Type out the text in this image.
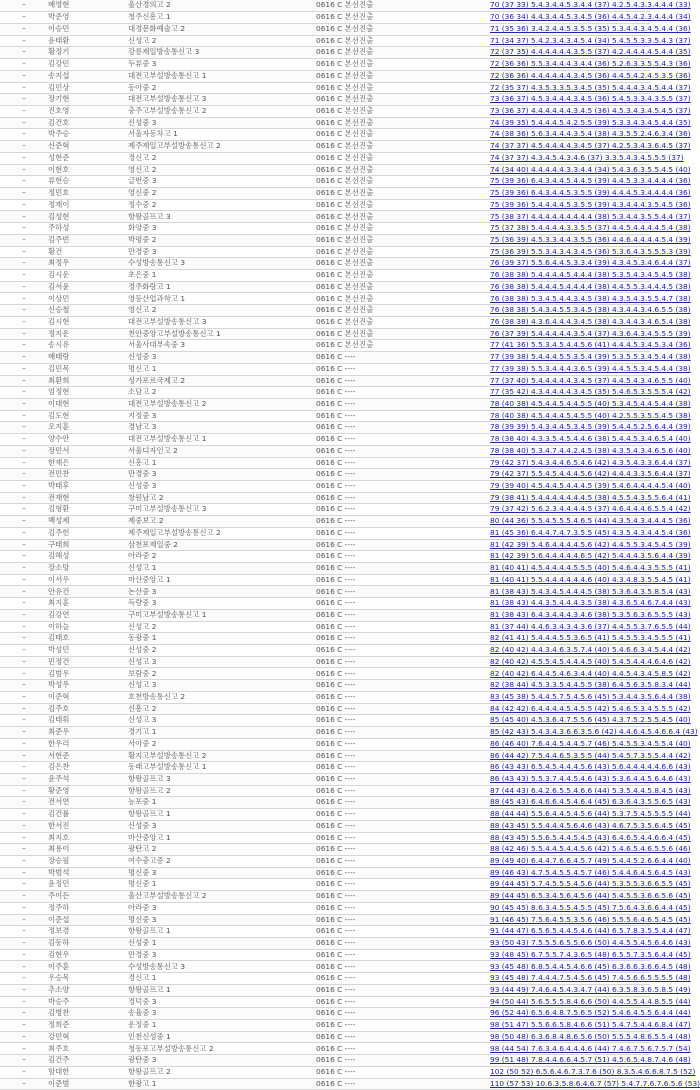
–	배영현	울산경의고 2	0616 C 본선진출		70 (37 33) 5.4.3.4.4.5.3.4.4 (37) 4.2.5.4.3.3.4.4.4 (33)
–	박준영	청주신흥고 1	0616 C 본선진출		70 (36 34) 4.4.3.4.4.5.3.4.5 (36) 4.4.5.4.2.3.4.4.4 (34)
–	이승민	대경문화예술고 2	0616 C 본선진출		71 (35 36) 3.4.2.4.4.5.3.5.5 (35) 5.3.4.4.3.4.5.4.4 (36)
–	윤태환	신성고 2	0616 C 본선진출		71 (34 37) 5.4.2.3.4.3.4.5.4 (34) 5.4.5.5.3.3.5.4.3 (37)
–	황정기	강릉제일방송통신고 3	0616 C 본선진출		72 (37 35) 4.4.4.4.4.4.3.5.5 (37) 4.2.4.4.4.4.5.4.4 (35)
–	김강민	두류중 3	0616 C 본선진출		72 (36 36) 5.5.3.4.4.4.3.4.4 (36) 5.2.6.3.3.5.5.4.3 (36)
–	송지섭	대전고부설방송통신고 1	0616 C 본선진출		72 (36 36) 4.4.4.4.4.4.3.4.5 (36) 4.4.5.4.2.4.5.3.5 (36)
–	김민상	동아중 2	0616 C 본선진출		72 (35 37) 4.3.5.3.3.5.3.4.5 (35) 5.4.4.4.3.4.5.4.4 (37)
–	장기현	대전고부설방송통신고 3	0616 C 본선진출		73 (36 37) 4.5.3.4.4.4.3.4.5 (36) 5.4.5.3.3.4.3.5.5 (37)
–	진호영	충주고부설방송통신고 2	0616 C 본선진출		73 (36 37) 4.4.4.4.4.4.3.4.5 (36) 4.5.3.4.3.4.5.4.5 (37)
–	김건호	신성중 3	0616 C 본선진출		74 (39 35) 5.4.4.4.5.4.2.5.5 (39) 5.3.3.4.3.4.5.4.4 (35)
–	박주승	서울자동차고 1	0616 C 본선진출		74 (38 36) 5.6.3.4.4.4.3.5.4 (38) 4.3.5.5.2.4.6.3.4 (36)
–	신준혁	제주제일고부설방송통신고 2	0616 C 본선진출		74 (37 37) 4.5.4.4.4.4.3.4.5 (37) 4.2.5.3.4.3.6.4.5 (37)
–	성현준	경신고 2	0616 C 본선진출		74 (37 37) 4.3.4.5.4.3.4.6 (37) 3.3.5.4.3.4.5.5.5 (37)
–	이현호	영신고 2	0616 C 본선진출		74 (34 40) 4.4.4.4.4.3.3.4.4 (34) 5.4.3.6.3.5.5.4.5 (40)
–	류현승	글번중 3	0616 C 본선진출		75 (39 36) 6.4.3.4.4.5.4.4.5 (39) 4.4.5.3.3.4.4.4.4 (36)
–	정민호	영신중 2	0616 C 본선진출		75 (39 36) 6.4.3.4.4.5.3.5.5 (39) 4.4.4.5.3.4.4.4.4 (36)
–	정재이	정수중 2	0616 C 본선진출		75 (39 36) 5.4.4.4.4.5.3.5.5 (39) 4.3.4.4.4.3.5.4.5 (36)
–	김성현	항왕골프고 3	0616 C 본선진출		75 (38 37) 4.4.4.4.4.4.4.4.4 (38) 5.3.4.4.3.5.5.4.4 (37)
–	주하성	화양중 3	0616 C 본선진출		75 (37 38) 5.4.4.4.4.3.3.5.5 (37) 4.4.5.4.4.4.4.5.4 (38)
–	김주빈	박평중 2	0616 C 본선진출		75 (36 39) 4.5.3.3.4.4.3.5.5 (36) 4.4.6.4.4.4.4.5.4 (39)
–	황건	만경중 3	0616 C 본선진출		75 (36 39) 5.5.3.4.3.4.3.4.5 (36) 5.3.6.4.3.5.5.5.3 (39)
–	최정우	수성방송통신고 3	0616 C 본선진출		76 (39 37) 5.5.6.4.4.5.3.3.4 (39) 4.3.4.5.3.4.6.4.4 (37)
–	김시운	초은중 1	0616 C 본선진출		76 (38 38) 5.4.4.4.4.5.4.4.4 (38) 5.3.5.4.3.4.5.4.5 (38)
–	김서윤	경주화랑고 1	0616 C 본선진출		76 (38 38) 5.4.4.4.5.4.4.4.4 (38) 4.4.5.5.3.4.4.4.5 (38)
–	이상민	영등산업과학고 1	0616 C 본선진출		76 (38 38) 5.3.4.5.4.4.3.4.5 (38) 4.3.5.4.3.5.5.4.7 (38)
–	신승철	영신고 2	0616 C 본선진출		76 (38 38) 5.4.3.4.5.5.3.4.5 (38) 4.3.4.4.3.4.6.5.5 (38)
–	김시현	대전고부설방송통신고 3	0616 C 본선진출		76 (38 38) 4.3.6.4.4.4.3.4.5 (38) 4.3.4.4.3.4.6.5.4 (38)
–	정지운	천안중앙고부설방송통신고 1	0616 C 본선진출		76 (37 39) 5.4.4.4.4.4.3.5.4 (37) 4.3.6.4.3.4.5.5.5 (39)
–	송시유	서울사대부속중 3	0616 C 본선진출		77 (41 36) 5.5.3.4.5.4.4.5.6 (41) 4.4.4.5.3.4.5.3.4 (36)
–	배태랑	신성중 3	0616 C ----		77 (39 38) 5.4.4.4.5.5.3.5.4 (39) 5.3.5.5.3.4.5.4.4 (38)
–	김민목	명신고 1	0616 C ----		77 (39 38) 5.5.3.4.4.4.3.6.5 (39) 4.4.5.5.3.4.5.4.4 (38)
–	최환희	싱가포르국제고 2	0616 C ----		77 (37 40) 5.4.4.4.4.4.3.4.5 (37) 4.4.5.4.3.4.6.5.5 (40)
–	엄정현	소담고 2	0616 C ----		77 (35 42) 4.3.4.4.4.4.3.4.5 (35) 5.4.6.5.3.5.5.5.4 (42)
–	이대현	대전고부설방송통신고 2	0616 C ----		78 (40 38) 4.5.4.4.5.4.4.5.5 (40) 5.3.4.5.4.4.5.4.4 (38)
–	김도현	지정중 3	0616 C ----		78 (40 38) 4.5.4.4.4.5.4.5.5 (40) 4.2.5.5.3.5.5.4.5 (38)
–	오지훈	경남고 3	0616 C ----		78 (39 39) 5.4.3.4.4.5.3.4.5 (39) 5.4.4.5.2.5.6.4.4 (39)
–	양수안	대전고부설방송통신고 1	0616 C ----		78 (38 40) 4.3.3.5.4.5.4.4.6 (38) 5.4.4.5.3.4.6.5.4 (40)
–	장민서	서울디자인고 2	0616 C ----		78 (38 40) 5.3.4.7.4.4.2.4.5 (38) 4.3.5.4.3.4.6.5.6 (40)
–	한재은	신흥고 1	0616 C ----		79 (42 37) 5.4.3.4.4.6.5.4.6 (42) 4.3.5.4.3.3.6.4.4 (37)
–	전민찬	만경중 3	0616 C ----		79 (42 37) 5.5.4.5.4.4.4.5.6 (42) 4.4.4.3.3.5.6.4.4 (37)
–	박태후	신성중 3	0616 C ----		79 (39 40) 4.5.4.4.5.4.4.4.5 (39) 5.4.6.4.4.4.4.5.4 (40)
–	전재현	창원남고 2	0616 C ----		79 (38 41) 5.4.4.4.4.4.4.4.5 (38) 4.5.5.4.3.5.5.6.4 (41)
–	김형환	구미고부설방송통신고 3	0616 C ----		79 (37 42) 5.6.2.3.4.4.4.4.5 (37) 4.6.4.4.4.6.5.5.4 (42)
–	백성제	제중보고 2	0616 C ----		80 (44 36) 5.5.4.5.5.5.4.6.5 (44) 4.3.5.4.3.4.4.4.5 (36)
–	김주헌	제주제일고부설방송통신고 2	0616 C ----		81 (45 36) 6.4.4.7.4.7.3.5.5 (45) 4.3.5.4.3.4.4.5.4 (36)
–	구태희	삼천포제일중 2	0616 C ----		81 (42 39) 5.4.6.4.4.4.4.5.6 (42) 4.4.5.5.3.4.5.4.5 (39)
–	김해성	아라중 2	0616 C ----		81 (42 39) 5.6.4.4.4.4.4.6.5 (42) 5.4.4.4.3.5.6.4.4 (39)
–	장소망	신성고 1	0616 C ----		81 (40 41) 4.5.4.4.4.4.5.5.5 (40) 5.4.6.4.4.3.5.5.5 (41)
–	이서우	마산중앙고 1	0616 C ----		81 (40 41) 5.5.4.4.4.4.4.4.6 (40) 4.3.4.8.3.5.5.4.5 (41)
–	안유건	논산중 3	0616 C ----		81 (38 43) 5.4.3.4.5.4.4.4.5 (38) 5.3.6.4.3.5.8.5.4 (43)
–	최지훈	득량중 3	0616 C ----		81 (38 43) 4.4.3.5.4.4.4.3.5 (38) 4.3.6.5.4.6.7.4.4 (43)
–	김강연	구미고부설방송통신고 1	0616 C ----		81 (38 43) 6.4.3.4.4.4.3.4.6 (38) 5.3.5.6.3.6.5.5.5 (43)
–	이하늘	신성고 2	0616 C ----		81 (37 44) 4.4.6.3.4.3.4.3.6 (37) 4.4.5.5.3.7.6.5.5 (44)
–	김태호	동광중 1	0616 C ----		82 (41 41) 5.4.4.4.5.5.3.6.5 (41) 5.4.5.5.3.4.5.5.5 (41)
–	박성민	신성중 2	0616 C ----		82 (40 42) 4.4.3.4.6.3.5.7.4 (40) 5.4.6.6.3.4.5.4.4 (42)
–	민정건	신성고 3	0616 C ----		82 (40 42) 4.5.5.4.5.4.4.4.5 (40) 5.4.5.4.4.4.6.4.6 (42)
–	김범우	보람중 2	0616 C ----		82 (40 42) 6.4.4.5.4.6.3.4.4 (40) 4.4.5.4.3.4.5.8.5 (42)
–	박성우	신성고 3	0616 C ----		82 (38 44) 4.5.3.3.5.4.4.5.5 (38) 6.4.5.6.3.5.8.3.4 (44)
–	이준혁	호천방송통신고 2	0616 C ----		83 (45 38) 5.4.4.5.7.5.4.5.6 (45) 5.3.4.4.3.5.6.4.4 (38)
–	김주호	신흥고 2	0616 C ----		84 (42 42) 6.4.4.4.4.5.4.5.5 (42) 5.4.6.5.3.4.5.5.5 (42)
–	김태휘	신성고 3	0616 C ----		85 (45 40) 4.5.3.6.4.7.5.5.6 (45) 4.3.7.5.2.5.5.4.5 (40)
–	최준우	경기고 1	0616 C ----		85 (42 43) 5.4.3.4.3.6.6.3.5.6 (42) 4.4.6.4.5.4.6.6.4 (43)
–	한우리	서아중 2	0616 C ----		86 (46 40) 7.6.4.4.5.4.4.5.7 (46) 5.4.5.5.3.4.5.5.4 (40)
–	서현준	황지고부설방송통신고 2	0616 C ----		86 (44 42) 7.5.4.4.6.5.3.5.5 (44) 5.4.5.7.3.5.5.4.4 (42)
–	김은찬	동래고부설방송통신고 1	0616 C ----		86 (43 43) 6.5.4.5.4.4.4.5.6 (43) 5.6.4.4.4.4.4.6.6 (43)
–	윤주석	항왕골프고 3	0616 C ----		86 (43 43) 5.5.3.7.4.4.5.4.6 (43) 5.3.6.4.4.5.6.4.6 (43)
–	황준영	항왕골프고 2	0616 C ----		87 (44 43) 6.4.2.6.5.5.4.6.6 (44) 5.3.5.4.4.5.8.4.5 (43)
–	전서연	능포중 1	0616 C ----		88 (45 43) 6.4.6.6.4.5.4.6.4 (45) 6.3.6.4.3.5.5.6.5 (43)
–	김건률	항왕골프고 1	0616 C ----		88 (44 44) 5.5.6.4.4.5.4.5.6 (44) 5.3.7.5.4.5.5.5.5 (44)
–	한서진	신성중 3	0616 C ----		88 (43 45) 5.5.4.4.4.5.6.4.6 (43) 4.6.7.5.3.5.6.4.5 (45)
–	최지호	마산중앙고 1	0616 C ----		88 (43 45) 5.5.6.5.4.4.5.4.5 (43) 6.4.6.5.4.4.6.6.4 (45)
–	최용이	광탄고 2	0616 C ----		88 (42 46) 5.5.4.4.5.4.4.5.6 (42) 5.4.6.5.4.6.5.5.6 (46)
–	장승필	여수충고증 2	0616 C ----		89 (49 40) 6.4.4.7.6.6.4.5.7 (49) 5.4.4.5.2.6.6.4.4 (40)
–	박범석	명신중 3	0616 C ----		89 (46 43) 4.7.5.4.5.5.4.5.7 (46) 5.4.4.6.4.5.6.4.5 (43)
–	윤정민	명신중 1	0616 C ----		89 (44 45) 5.7.4.5.5.5.4.5.6 (44) 5.3.5.5.3.6.6.5.5 (45)
–	주이든	울산고부설방송통신고 2	0616 C ----		89 (44 45) 6.5.3.4.5.6.4.5.6 (44) 5.4.5.5.3.6.6.5.6 (45)
–	정주하	아라중 3	0616 C ----		90 (45 45) 8.6.3.4.5.5.4.5.5 (45) 7.5.6.4.3.6.6.4.4 (45)
–	이준섭	명신중 3	0616 C ----		91 (46 45) 7.5.6.4.5.5.3.5.6 (46) 5.5.5.6.4.6.5.4.5 (45)
–	정보겸	항왕골프고 1	0616 C ----		91 (44 47) 6.5.6.5.4.4.5.4.6 (44) 6.5.7.8.3.5.5.4.4 (47)
–	김동하	신성중 1	0616 C ----		93 (50 43) 7.5.5.5.6.5.5.6.6 (50) 4.4.5.5.4.5.6.4.6 (43)
–	김현우	만경중 3	0616 C ----		93 (48 45) 6.7.5.5.7.4.3.6.5 (48) 6.5.5.7.3.5.6.4.4 (45)
–	이주훈	수성방송통신고 3	0616 C ----		93 (45 48) 6.8.5.4.4.5.4.6.6 (45) 6.3.6.6.3.6.6.4.5 (48)
–	우승목	경신고 1	0616 C ----		93 (45 48) 7.4.4.4.7.5.4.5.6 (45) 7.4.5.6.6.5.5.5.5 (48)
–	추소양	항왕골프고 1	0616 C ----		93 (44 49) 7.4.6.4.5.4.3.4.7 (44) 6.3.5.8.3.6.5.8.5 (49)
–	박승주	경덕중 3	0616 C ----		94 (50 44) 5.6.5.5.5.8.4.6.6 (50) 4.4.5.5.4.4.8.5.5 (44)
–	김병찬	송율중 3	0616 C ----		96 (52 44) 6.5.6.4.8.7.5.6.5 (52) 5.4.6.4.5.5.6.4.4 (44)
–	정희준	운정중 1	0616 C ----		98 (51 47) 5.5.6.6.5.8.4.6.6 (51) 5.4.7.5.4.4.6.8.4 (47)
–	강민혁	인천신성중 1	0616 C ----		98 (50 48) 6.3.6.8.4.8.6.5.6 (50) 5.5.5.4.8.6.5.5.4 (48)
–	최주호	청동포고부설방송통신고 2	0616 C ----		98 (44 54) 7.6.3.4.6.4.4.4.6 (44) 7.4.6.7.5.6.7.5.7 (54)
–	김건주	광탄중 3	0616 C ----		99 (51 48) 7.8.4.4.6.6.4.5.7 (51) 4.5.6.5.4.8.7.4.6 (48)
–	함대한	항왕골프고 2	0616 C ----		102 (50 52) 6.5.6.4.6.7.3.7.6 (50) 8.3.5.4.6.6.8.7.5 (52)
–	이준범	한광고 1	0616 C ----		110 (57 53) 10.6.3.5.8.6.4.6.7 (57) 5.4.7.7.6.7.6.5.6 (53)
